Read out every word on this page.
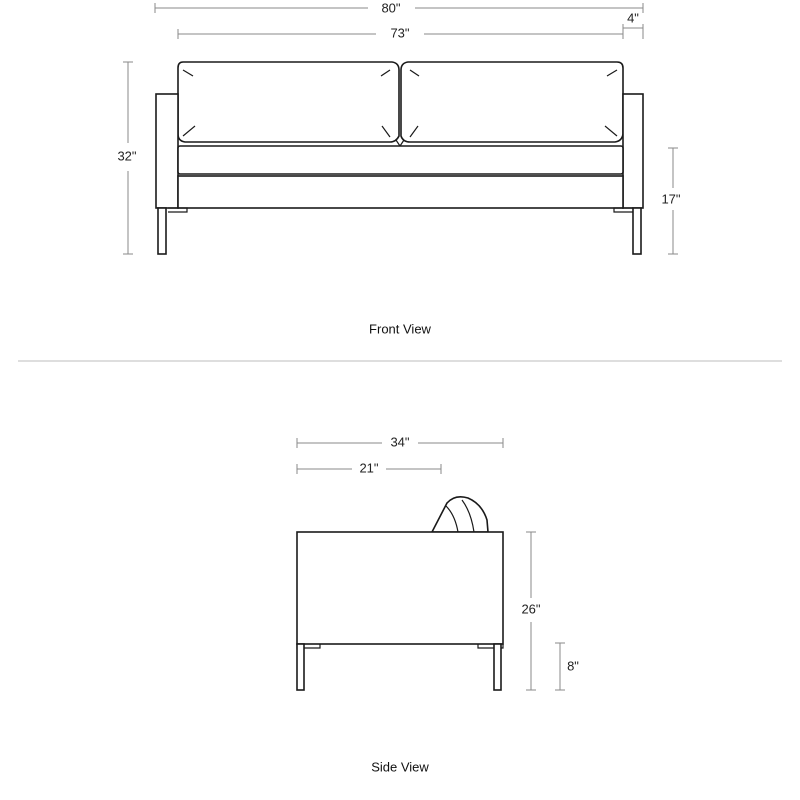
80"
4"
73"
32"
17"
Front View
34"
21"
26"
8"
Side View
